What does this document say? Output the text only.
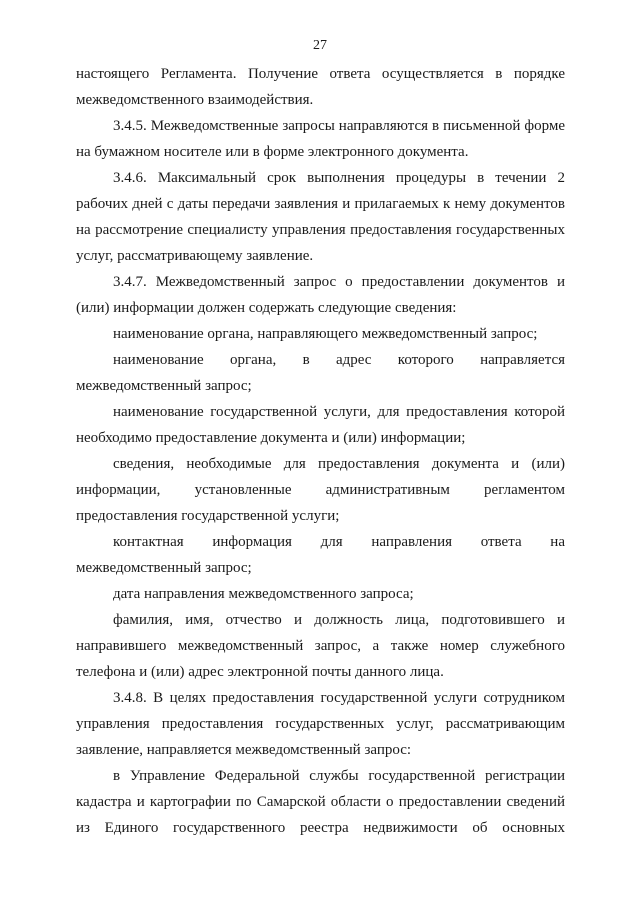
27

настоящего Регламента. Получение ответа осуществляется в порядке межведомственного взаимодействия.

3.4.5. Межведомственные запросы направляются в письменной форме на бумажном носителе или в форме электронного документа.

3.4.6. Максимальный срок выполнения процедуры в течении 2 рабочих дней с даты передачи заявления и прилагаемых к нему документов на рассмотрение специалисту управления предоставления государственных услуг, рассматривающему заявление.

3.4.7. Межведомственный запрос о предоставлении документов и (или) информации должен содержать следующие сведения:

наименование органа, направляющего межведомственный запрос;

наименование органа, в адрес которого направляется межведомственный запрос;

наименование государственной услуги, для предоставления которой необходимо предоставление документа и (или) информации;

сведения, необходимые для предоставления документа и (или) информации, установленные административным регламентом предоставления государственной услуги;

контактная информация для направления ответа на межведомственный запрос;

дата направления межведомственного запроса;

фамилия, имя, отчество и должность лица, подготовившего и направившего межведомственный запрос, а также номер служебного телефона и (или) адрес электронной почты данного лица.

3.4.8. В целях предоставления государственной услуги сотрудником управления предоставления государственных услуг, рассматривающим заявление, направляется межведомственный запрос:

в Управление Федеральной службы государственной регистрации кадастра и картографии по Самарской области о предоставлении сведений из Единого государственного реестра недвижимости об основных
